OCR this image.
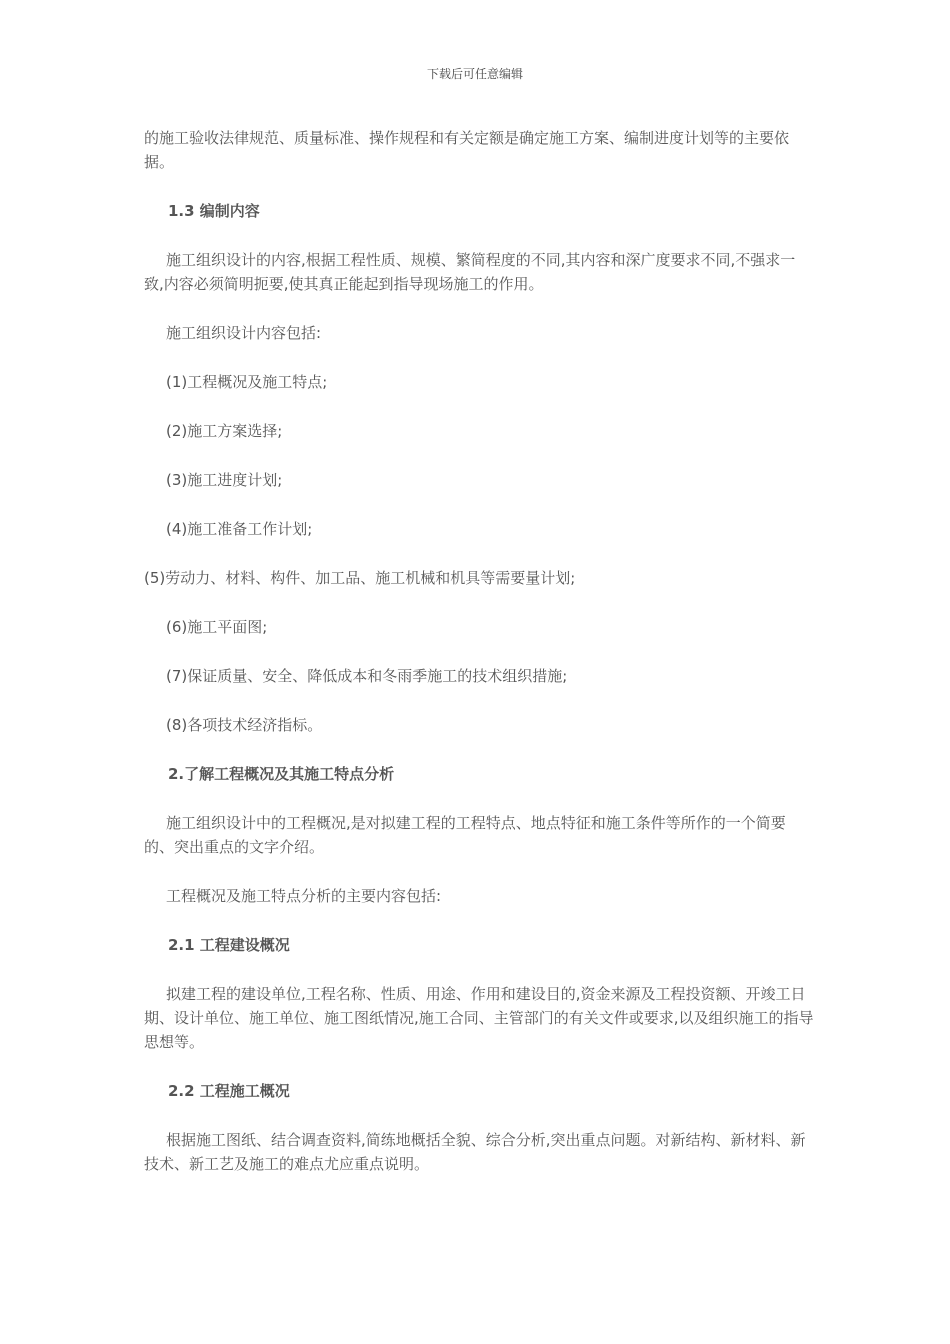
下载后可任意编辑
的施工验收法律规范、质量标准、操作规程和有关定额是确定施工方案、编制进度计划等的主要依据。
1.3 编制内容
施工组织设计的内容,根据工程性质、规模、繁简程度的不同,其内容和深广度要求不同,不强求一致,内容必须简明扼要,使其真正能起到指导现场施工的作用。
施工组织设计内容包括:
(1)工程概况及施工特点;
(2)施工方案选择;
(3)施工进度计划;
(4)施工准备工作计划;
(5)劳动力、材料、构件、加工品、施工机械和机具等需要量计划;
(6)施工平面图;
(7)保证质量、安全、降低成本和冬雨季施工的技术组织措施;
(8)各项技术经济指标。
2.了解工程概况及其施工特点分析
施工组织设计中的工程概况,是对拟建工程的工程特点、地点特征和施工条件等所作的一个简要的、突出重点的文字介绍。
工程概况及施工特点分析的主要内容包括:
2.1 工程建设概况
拟建工程的建设单位,工程名称、性质、用途、作用和建设目的,资金来源及工程投资额、开竣工日期、设计单位、施工单位、施工图纸情况,施工合同、主管部门的有关文件或要求,以及组织施工的指导思想等。
2.2 工程施工概况
根据施工图纸、结合调查资料,简练地概括全貌、综合分析,突出重点问题。对新结构、新材料、新技术、新工艺及施工的难点尤应重点说明。
